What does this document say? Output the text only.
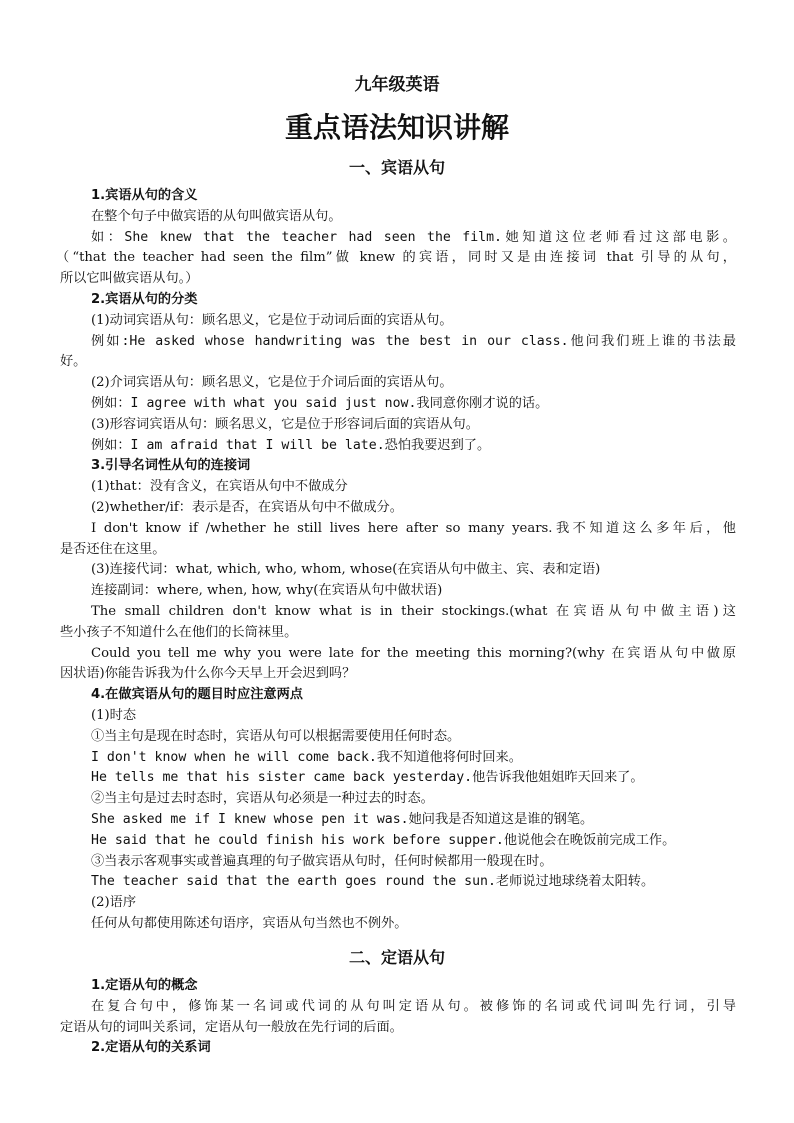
九年级英语
重点语法知识讲解
一、宾语从句
1.宾语从句的含义
在整个句子中做宾语的从句叫做宾语从句。
如：She knew that the teacher had seen the film.她知道这位老师看过这部电影。
（“that the teacher had seen the film”做 knew 的宾语，同时又是由连接词 that 引导的从句，
所以它叫做宾语从句。）
2.宾语从句的分类
(1)动词宾语从句：顾名思义，它是位于动词后面的宾语从句。
例如:He asked whose handwriting was the best in our class.他问我们班上谁的书法最
好。
(2)介词宾语从句：顾名思义，它是位于介词后面的宾语从句。
例如：I agree with what you said just now.我同意你刚才说的话。
(3)形容词宾语从句：顾名思义，它是位于形容词后面的宾语从句。
例如：I am afraid that I will be late.恐怕我要迟到了。
3.引导名词性从句的连接词
(1)that：没有含义，在宾语从句中不做成分
(2)whether/if：表示是否，在宾语从句中不做成分。
I don't know if /whether he still lives here after so many years.我不知道这么多年后，他
是否还住在这里。
(3)连接代词：what, which, who, whom, whose(在宾语从句中做主、宾、表和定语)
连接副词：where, when, how, why(在宾语从句中做状语)
The small children don't know what is in their stockings.(what 在宾语从句中做主语)这
些小孩子不知道什么在他们的长筒袜里。
Could you tell me why you were late for the meeting this morning?(why 在宾语从句中做原
因状语)你能告诉我为什么你今天早上开会迟到吗？
4.在做宾语从句的题目时应注意两点
(1)时态
①当主句是现在时态时，宾语从句可以根据需要使用任何时态。
I don't know when he will come back.我不知道他将何时回来。
He tells me that his sister came back yesterday.他告诉我他姐姐昨天回来了。
②当主句是过去时态时，宾语从句必须是一种过去的时态。
She asked me if I knew whose pen it was.她问我是否知道这是谁的钢笔。
He said that he could finish his work before supper.他说他会在晚饭前完成工作。
③当表示客观事实或普遍真理的句子做宾语从句时，任何时候都用一般现在时。
The teacher said that the earth goes round the sun.老师说过地球绕着太阳转。
(2)语序
任何从句都使用陈述句语序，宾语从句当然也不例外。
二、定语从句
1.定语从句的概念
在复合句中，修饰某一名词或代词的从句叫定语从句。被修饰的名词或代词叫先行词，引导
定语从句的词叫关系词，定语从句一般放在先行词的后面。
2.定语从句的关系词
